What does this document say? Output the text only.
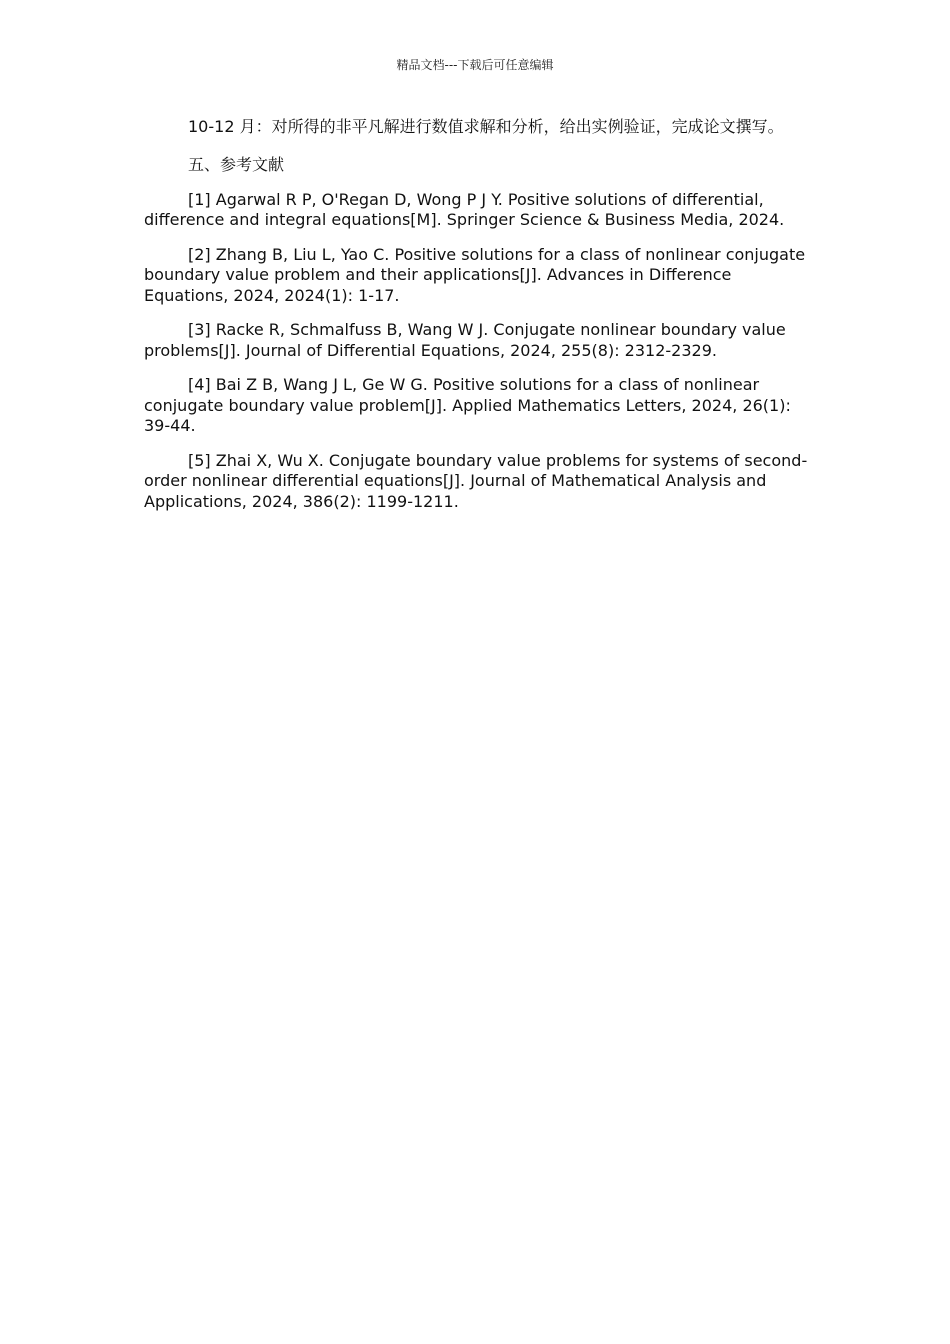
精品文档---下载后可任意编辑

10-12 月：对所得的非平凡解进行数值求解和分析，给出实例验证，完成论文撰写。

五、参考文献

[1] Agarwal R P, O'Regan D, Wong P J Y. Positive solutions of differential, difference and integral equations[M]. Springer Science & Business Media, 2024.

[2] Zhang B, Liu L, Yao C. Positive solutions for a class of nonlinear conjugate boundary value problem and their applications[J]. Advances in Difference Equations, 2024, 2024(1): 1-17.

[3] Racke R, Schmalfuss B, Wang W J. Conjugate nonlinear boundary value problems[J]. Journal of Differential Equations, 2024, 255(8): 2312-2329.

[4] Bai Z B, Wang J L, Ge W G. Positive solutions for a class of nonlinear conjugate boundary value problem[J]. Applied Mathematics Letters, 2024, 26(1): 39-44.

[5] Zhai X, Wu X. Conjugate boundary value problems for systems of second-order nonlinear differential equations[J]. Journal of Mathematical Analysis and Applications, 2024, 386(2): 1199-1211.
